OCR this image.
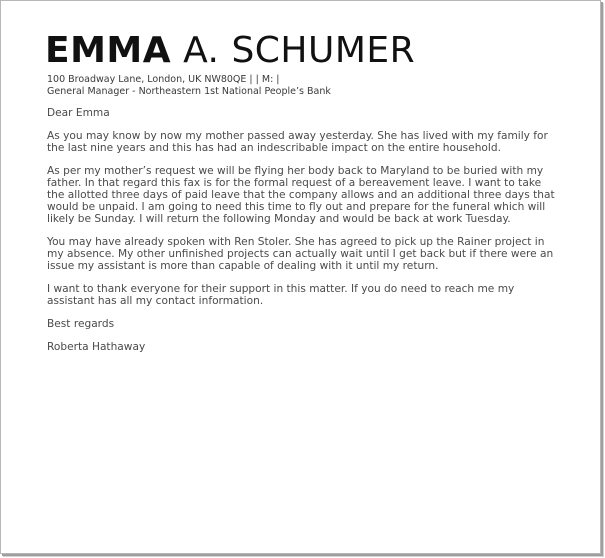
EMMA A. SCHUMER
100 Broadway Lane, London, UK NW80QE | | M: |
General Manager - Northeastern 1st National People’s Bank

Dear Emma

As you may know by now my mother passed away yesterday. She has lived with my family for the last nine years and this has had an indescribable impact on the entire household.

As per my mother’s request we will be flying her body back to Maryland to be buried with my father. In that regard this fax is for the formal request of a bereavement leave. I want to take the allotted three days of paid leave that the company allows and an additional three days that would be unpaid. I am going to need this time to fly out and prepare for the funeral which will likely be Sunday. I will return the following Monday and would be back at work Tuesday.

You may have already spoken with Ren Stoler. She has agreed to pick up the Rainer project in my absence. My other unfinished projects can actually wait until I get back but if there were an issue my assistant is more than capable of dealing with it until my return.

I want to thank everyone for their support in this matter. If you do need to reach me my assistant has all my contact information.

Best regards

Roberta Hathaway
